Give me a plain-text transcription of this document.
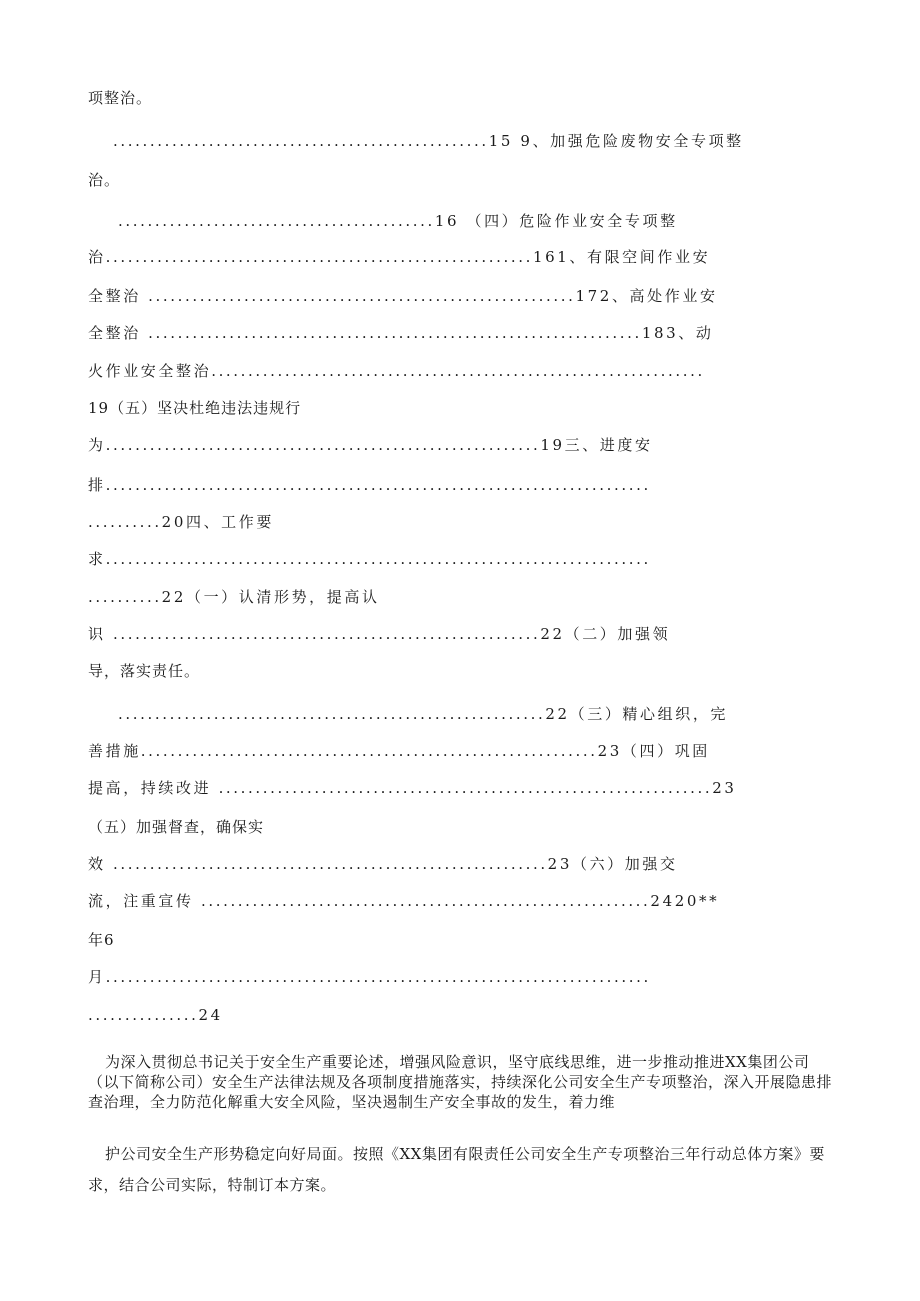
项整治。
...................................................15 9、加强危险废物安全专项整
治。
...........................................16 （四）危险作业安全专项整
治..........................................................161、有限空间作业安
全整治 ..........................................................172、高处作业安
全整治 ...................................................................183、动
火作业安全整治...................................................................
19（五）坚决杜绝违法违规行
为...........................................................19三、进度安
排..........................................................................
..........20四、工作要
求..........................................................................
..........22（一）认清形势，提高认
识 ..........................................................22（二）加强领
导，落实责任。
..........................................................22（三）精心组织，完
善措施..............................................................23（四）巩固
提高，持续改进 ...................................................................23
（五）加强督查，确保实
效 ...........................................................23（六）加强交
流，注重宣传 .............................................................2420**
年6
月..........................................................................
...............24
为深入贯彻总书记关于安全生产重要论述，增强风险意识，坚守底线思维，进一步推动推进XX集团公司（以下简称公司）安全生产法律法规及各项制度措施落实，持续深化公司安全生产专项整治，深入开展隐患排查治理，全力防范化解重大安全风险，坚决遏制生产安全事故的发生，着力维
护公司安全生产形势稳定向好局面。按照《XX集团有限责任公司安全生产专项整治三年行动总体方案》要求，结合公司实际，特制订本方案。
